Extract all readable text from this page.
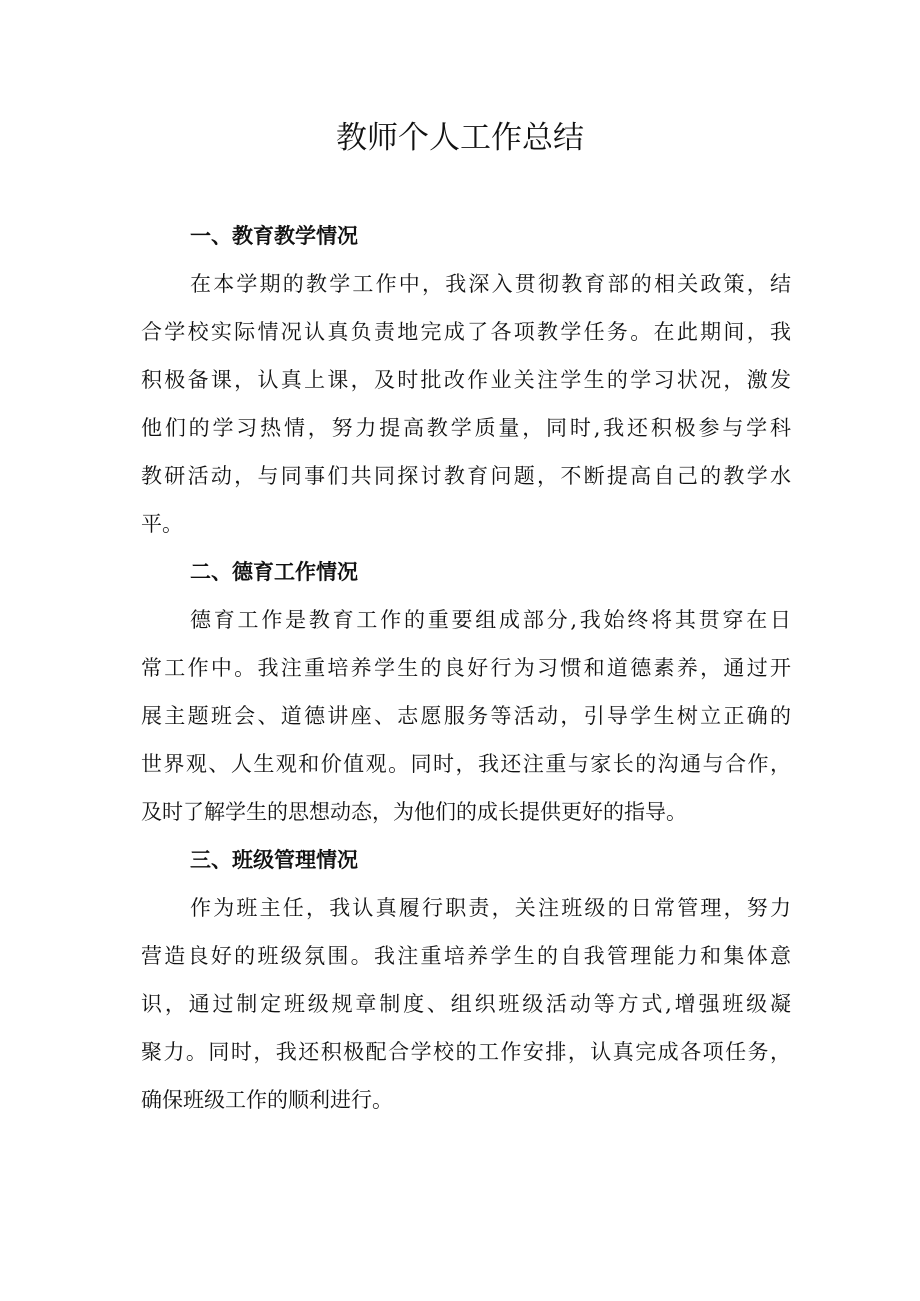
教师个人工作总结
一、教育教学情况

在本学期的教学工作中，我深入贯彻教育部的相关政策，结
合学校实际情况认真负责地完成了各项教学任务。在此期间，我
积极备课，认真上课，及时批改作业关注学生的学习状况，激发
他们的学习热情，努力提高教学质量，同时,我还积极参与学科
教研活动，与同事们共同探讨教育问题，不断提高自己的教学水
平。

二、德育工作情况

德育工作是教育工作的重要组成部分,我始终将其贯穿在日
常工作中。我注重培养学生的良好行为习惯和道德素养，通过开
展主题班会、道德讲座、志愿服务等活动，引导学生树立正确的
世界观、人生观和价值观。同时，我还注重与家长的沟通与合作，
及时了解学生的思想动态，为他们的成长提供更好的指导。

三、班级管理情况

作为班主任，我认真履行职责，关注班级的日常管理，努力
营造良好的班级氛围。我注重培养学生的自我管理能力和集体意
识，通过制定班级规章制度、组织班级活动等方式,增强班级凝
聚力。同时，我还积极配合学校的工作安排，认真完成各项任务，
确保班级工作的顺利进行。
